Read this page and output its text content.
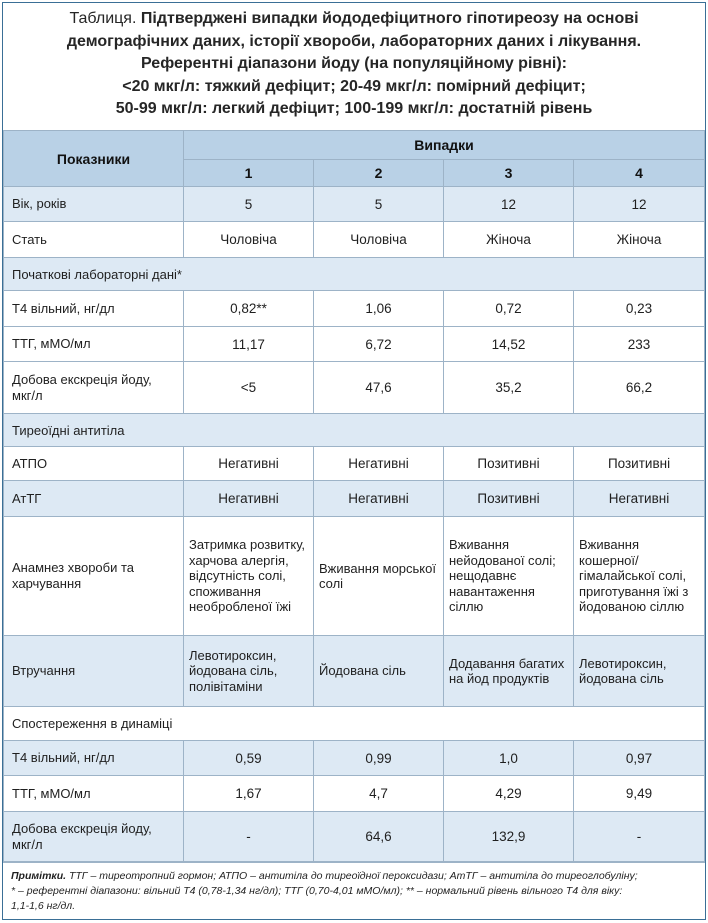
Таблиця. Підтверджені випадки йододефіцитного гіпотиреозу на основі
демографічних даних, історії хвороби, лабораторних даних і лікування.
Референтні діапазони йоду (на популяційному рівні):
<20 мкг/л: тяжкий дефіцит; 20-49 мкг/л: помірний дефіцит;
50-99 мкг/л: легкий дефіцит; 100-199 мкг/л: достатній рівень
Показники	Випадки			
	1	2	3	4
Вік, років	5	5	12	12
Стать	Чоловіча	Чоловіча	Жіноча	Жіноча
Початкові лабораторні дані*				
Т4 вільний, нг/дл	0,82**	1,06	0,72	0,23
ТТГ, мМО/мл	11,17	6,72	14,52	233
Добова екскреція йоду, мкг/л	<5	47,6	35,2	66,2
Тиреоїдні антитіла				
АТПО	Негативні	Негативні	Позитивні	Позитивні
АтТГ	Негативні	Негативні	Позитивні	Негативні
Анамнез хвороби та харчування	Затримка розвитку, харчова алергія, відсутність солі, споживання необробленої їжі	Вживання морської солі	Вживання нейодованої солі; нещодавнє навантаження сіллю	Вживання кошерної/ гімалайської солі, приготування їжі з йодованою сіллю
Втручання	Левотироксин, йодована сіль, полівітаміни	Йодована сіль	Додавання багатих на йод продуктів	Левотироксин, йодована сіль
Спостереження в динаміці				
Т4 вільний, нг/дл	0,59	0,99	1,0	0,97
ТТГ, мМО/мл	1,67	4,7	4,29	9,49
Добова екскреція йоду, мкг/л	-	64,6	132,9	-
Примітки. ТТГ – тиреотропний гормон; АТПО – антитіла до тиреоїдної пероксидази; АтТГ – антитіла до тиреоглобуліну;
* – референтні діапазони: вільний Т4 (0,78-1,34 нг/дл); ТТГ (0,70-4,01 мМО/мл); ** – нормальний рівень вільного Т4 для віку:
1,1-1,6 нг/дл.
